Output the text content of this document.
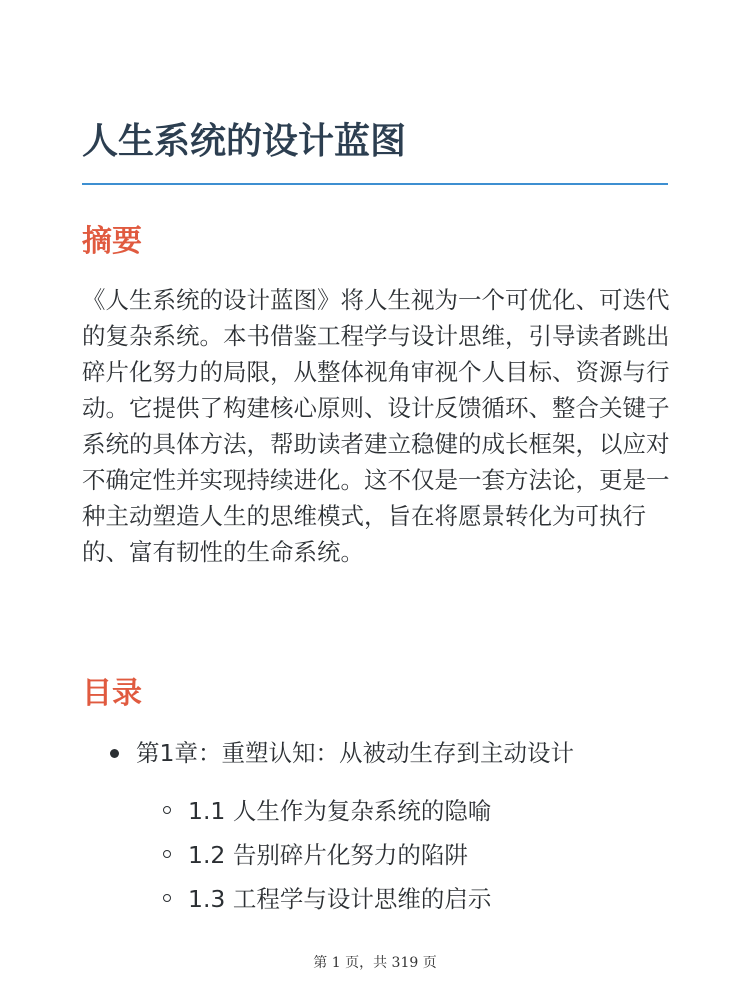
人生系统的设计蓝图
摘要

《人生系统的设计蓝图》将人生视为一个可优化、可迭代的复杂系统。本书借鉴工程学与设计思维，引导读者跳出碎片化努力的局限，从整体视角审视个人目标、资源与行动。它提供了构建核心原则、设计反馈循环、整合关键子系统的具体方法，帮助读者建立稳健的成长框架，以应对不确定性并实现持续进化。这不仅是一套方法论，更是一种主动塑造人生的思维模式，旨在将愿景转化为可执行的、富有韧性的生命系统。

目录
第1章：重塑认知：从被动生存到主动设计
1.1 人生作为复杂系统的隐喻
1.2 告别碎片化努力的陷阱
1.3 工程学与设计思维的启示
第 1 页，共 319 页
